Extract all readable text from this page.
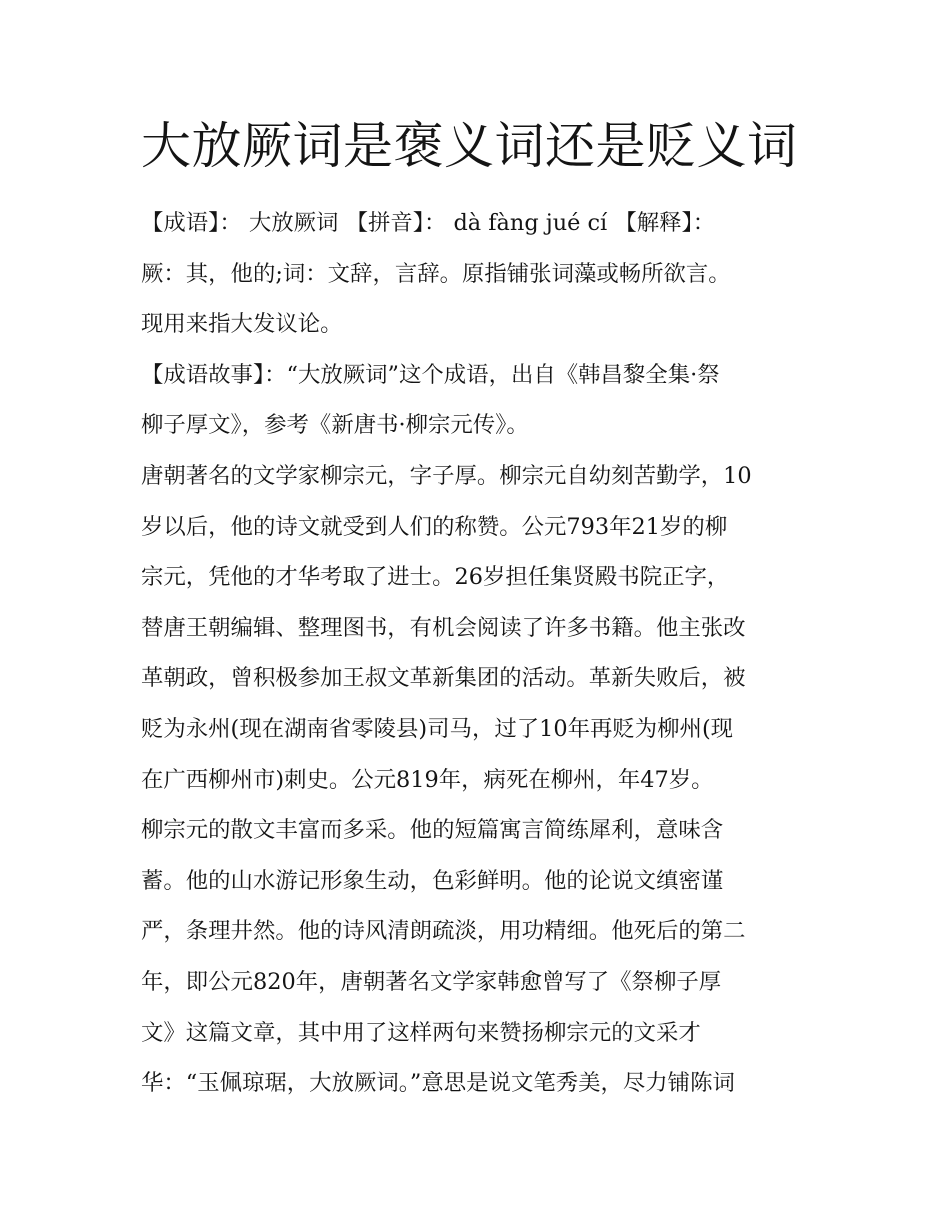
大放厥词是褒义词还是贬义词

【成语】： 大放厥词 【拼音】： dà fàng jué cí 【解释】：
厥：其，他的;词：文辞，言辞。原指铺张词藻或畅所欲言。
现用来指大发议论。

【成语故事】：“大放厥词”这个成语，出自《韩昌黎全集·祭
柳子厚文》，参考《新唐书·柳宗元传》。

唐朝著名的文学家柳宗元，字子厚。柳宗元自幼刻苦勤学，10
岁以后，他的诗文就受到人们的称赞。公元793年21岁的柳
宗元，凭他的才华考取了进士。26岁担任集贤殿书院正字，
替唐王朝编辑、整理图书，有机会阅读了许多书籍。他主张改
革朝政，曾积极参加王叔文革新集团的活动。革新失败后，被
贬为永州(现在湖南省零陵县)司马，过了10年再贬为柳州(现
在广西柳州市)刺史。公元819年，病死在柳州，年47岁。

柳宗元的散文丰富而多采。他的短篇寓言简练犀利，意味含
蓄。他的山水游记形象生动，色彩鲜明。他的论说文缜密谨
严，条理井然。他的诗风清朗疏淡，用功精细。他死后的第二
年，即公元820年，唐朝著名文学家韩愈曾写了《祭柳子厚
文》这篇文章，其中用了这样两句来赞扬柳宗元的文采才
华：“玉佩琼琚，大放厥词。”意思是说文笔秀美，尽力铺陈词
